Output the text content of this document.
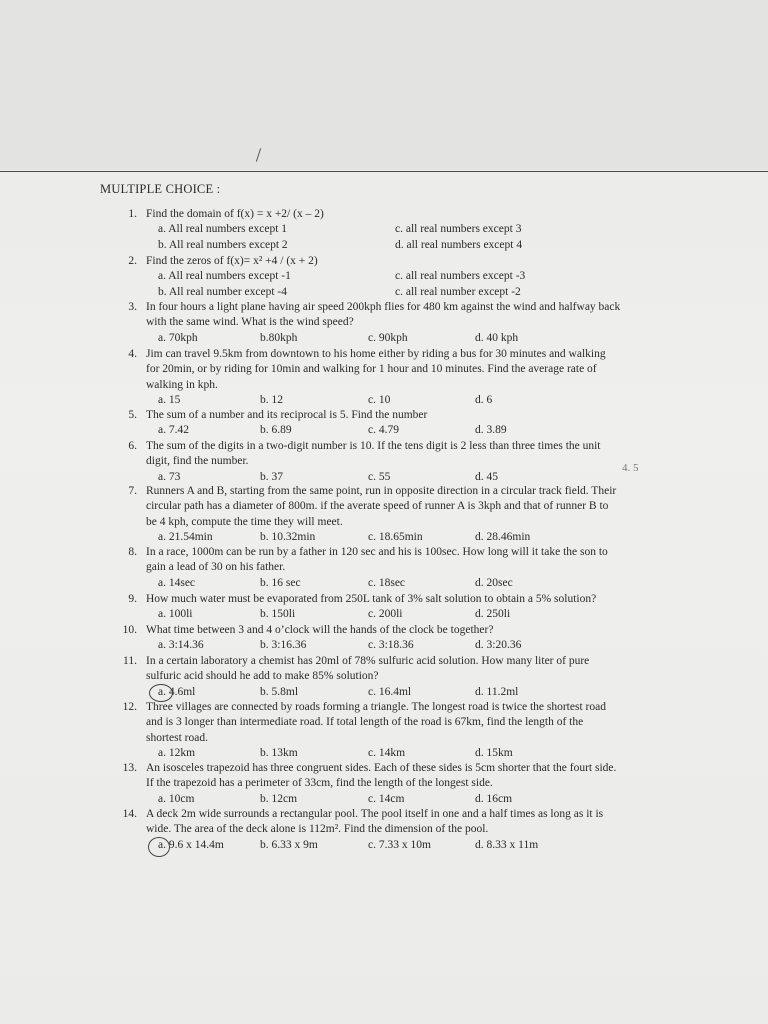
MULTIPLE CHOICE :
1. Find the domain of f(x) = x +2/ (x – 2)
a. All real numbers except 1	c. all real numbers except 3
b. All real numbers except 2	d. all real numbers except 4
2. Find the zeros of f(x)= x² +4 / (x + 2)
a. All real numbers except -1	c. all real numbers except -3
b. All real number except -4	c. all real number except -2
3. In four hours a light plane having air speed 200kph flies for 480 km against the wind and halfway back
with the same wind. What is the wind speed?
a. 70kph	b.80kph	c. 90kph	d. 40 kph
4. Jim can travel 9.5km from downtown to his home either by riding a bus for 30 minutes and walking
for 20min, or by riding for 10min and walking for 1 hour and 10 minutes. Find the average rate of
walking in kph.
a. 15	b. 12	c. 10	d. 6
5. The sum of a number and its reciprocal is 5. Find the number
a. 7.42	b. 6.89	c. 4.79	d. 3.89
6. The sum of the digits in a two-digit number is 10. If the tens digit is 2 less than three times the unit
digit, find the number.
a. 73	b. 37	c. 55	d. 45
7. Runners A and B, starting from the same point, run in opposite direction in a circular track field. Their
circular path has a diameter of 800m. if the averate speed of runner A is 3kph and that of runner B to
be 4 kph, compute the time they will meet.
a. 21.54min	b. 10.32min	c. 18.65min	d. 28.46min
8. In a race, 1000m can be run by a father in 120 sec and his is 100sec. How long will it take the son to
gain a lead of 30 on his father.
a. 14sec	b. 16 sec	c. 18sec	d. 20sec
9. How much water must be evaporated from 250L tank of 3% salt solution to obtain a 5% solution?
a. 100li	b. 150li	c. 200li	d. 250li
10. What time between 3 and 4 o’clock will the hands of the clock be together?
a. 3:14.36	b. 3:16.36	c. 3:18.36	d. 3:20.36
11. In a certain laboratory a chemist has 20ml of 78% sulfuric acid solution. How many liter of pure
sulfuric acid should he add to make 85% solution?
a. 4.6ml	b. 5.8ml	c. 16.4ml	d. 11.2ml
12. Three villages are connected by roads forming a triangle. The longest road is twice the shortest road
and is 3 longer than intermediate road. If total length of the road is 67km, find the length of the
shortest road.
a. 12km	b. 13km	c. 14km	d. 15km
13. An isosceles trapezoid has three congruent sides. Each of these sides is 5cm shorter that the fourt side.
If the trapezoid has a perimeter of 33cm, find the length of the longest side.
a. 10cm	b. 12cm	c. 14cm	d. 16cm
14. A deck 2m wide surrounds a rectangular pool. The pool itself in one and a half times as long as it is
wide. The area of the deck alone is 112m². Find the dimension of the pool.
a. 9.6 x 14.4m	b. 6.33 x 9m	c. 7.33 x 10m	d. 8.33 x 11m
4. 5
